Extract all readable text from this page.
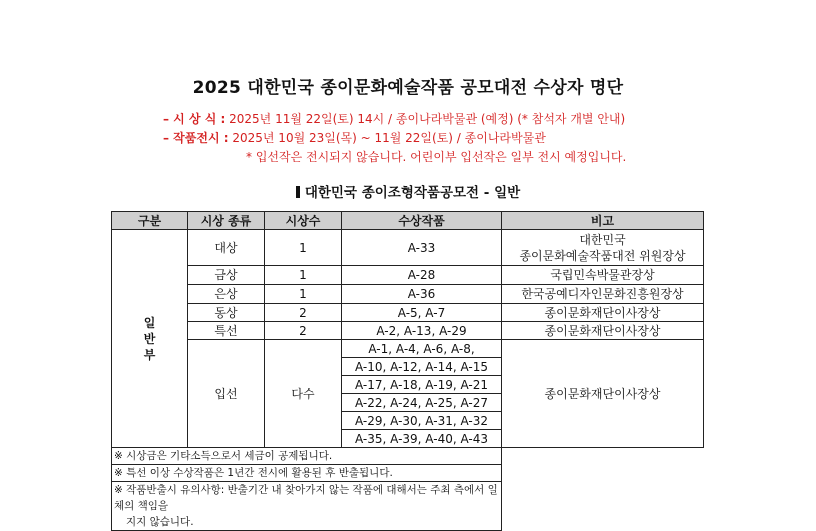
2025 대한민국 종이문화예술작품 공모대전 수상자 명단
– 시 상 식 : 2025년 11월 22일(토) 14시 / 종이나라박물관 (예정) (* 참석자 개별 안내)
– 작품전시 : 2025년 10월 23일(목) ~ 11월 22일(토) / 종이나라박물관
* 입선작은 전시되지 않습니다. 어린이부 입선작은 일부 전시 예정입니다.
대한민국 종이조형작품공모전 - 일반
구분	시상 종류	시상수	수상작품	비고
일
반
부	대상	1	A-33	대한민국
종이문화예술작품대전 위원장상
	금상	1	A-28	국립민속박물관장상
	은상	1	A-36	한국공예디자인문화진흥원장상
	동상	2	A-5, A-7	종이문화재단이사장상
	특선	2	A-2, A-13, A-29	종이문화재단이사장상
	입선	다수	A-1, A-4, A-6, A-8,	종이문화재단이사장상
			A-10, A-12, A-14, A-15	
			A-17, A-18, A-19, A-21	
			A-22, A-24, A-25, A-27	
			A-29, A-30, A-31, A-32	
			A-35, A-39, A-40, A-43	
※ 시상금은 기타소득으로서 세금이 공제됩니다.				
※ 특선 이상 수상작품은 1년간 전시에 활용된 후 반출됩니다.				
※ 작품반출시 유의사항: 반출기간 내 찾아가지 않는 작품에 대해서는 주최 측에서 일체의 책임을
지지 않습니다.				
